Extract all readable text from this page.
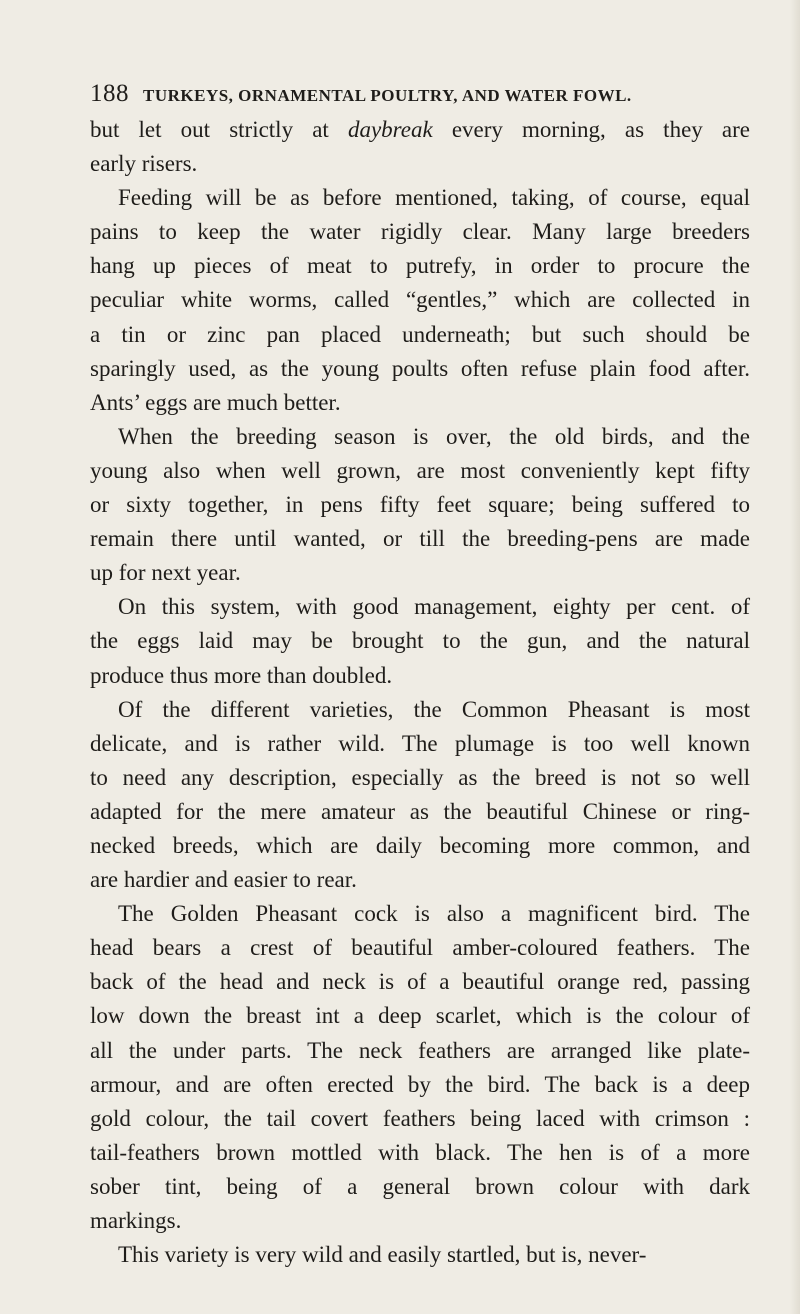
188 TURKEYS, ORNAMENTAL POULTRY, AND WATER FOWL.
but let out strictly at daybreak every morning, as they are
early risers.
Feeding will be as before mentioned, taking, of course, equal
pains to keep the water rigidly clear. Many large breeders
hang up pieces of meat to putrefy, in order to procure the
peculiar white worms, called “gentles,” which are collected in
a tin or zinc pan placed underneath; but such should be
sparingly used, as the young poults often refuse plain food after.
Ants’ eggs are much better.
When the breeding season is over, the old birds, and the
young also when well grown, are most conveniently kept fifty
or sixty together, in pens fifty feet square; being suffered to
remain there until wanted, or till the breeding-pens are made
up for next year.
On this system, with good management, eighty per cent. of
the eggs laid may be brought to the gun, and the natural
produce thus more than doubled.
Of the different varieties, the Common Pheasant is most
delicate, and is rather wild. The plumage is too well known
to need any description, especially as the breed is not so well
adapted for the mere amateur as the beautiful Chinese or ring-
necked breeds, which are daily becoming more common, and
are hardier and easier to rear.
The Golden Pheasant cock is also a magnificent bird. The
head bears a crest of beautiful amber-coloured feathers. The
back of the head and neck is of a beautiful orange red, passing
low down the breast int a deep scarlet, which is the colour of
all the under parts. The neck feathers are arranged like plate-
armour, and are often erected by the bird. The back is a deep
gold colour, the tail covert feathers being laced with crimson :
tail-feathers brown mottled with black. The hen is of a more
sober tint, being of a general brown colour with dark
markings.
This variety is very wild and easily startled, but is, never-
